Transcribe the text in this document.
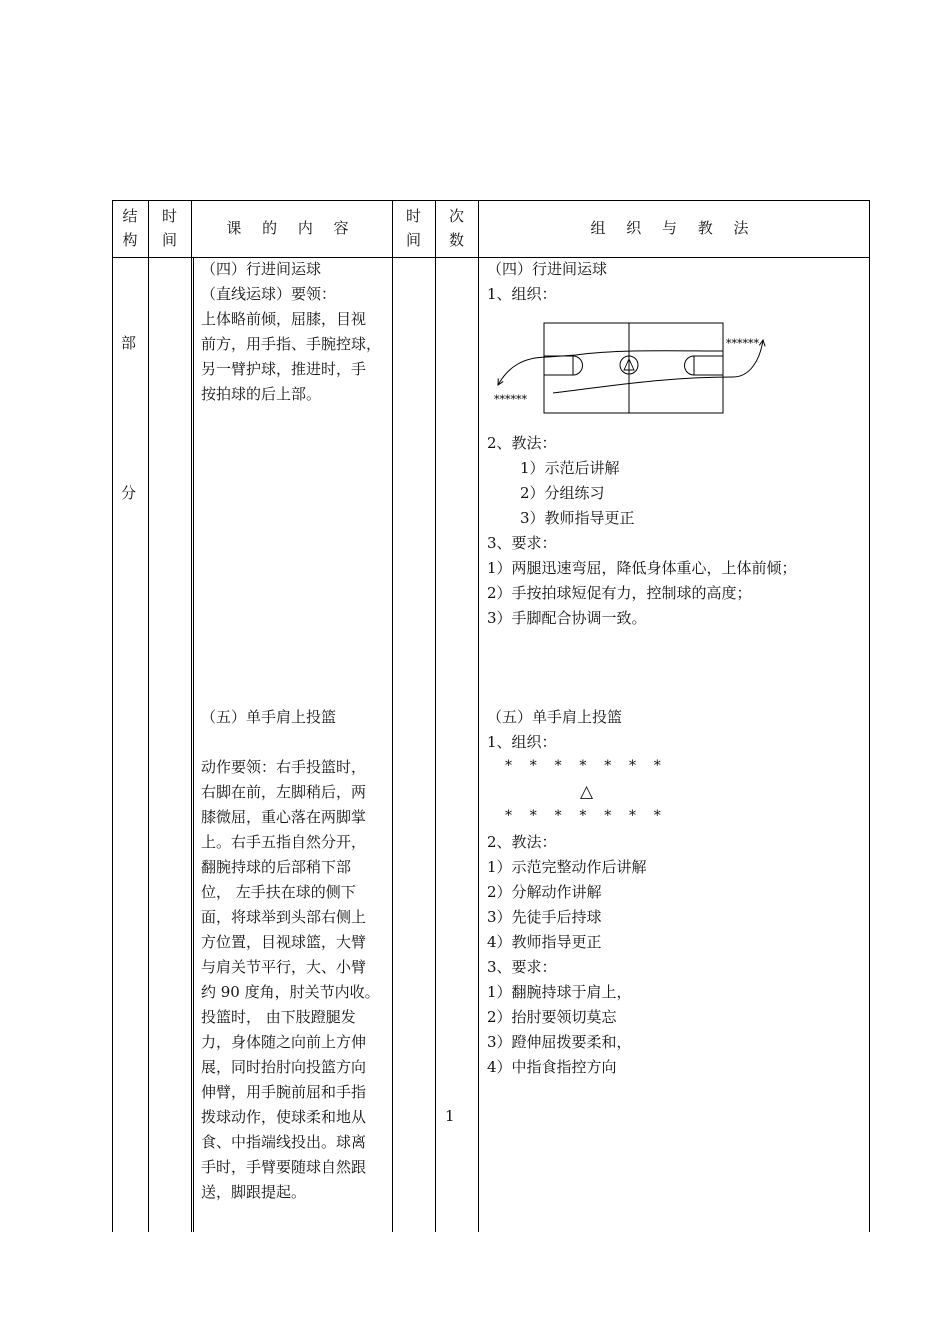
结
构
时
间
课 的 内 容
时
间
次
数
组 织 与 教 法
部
分
（四）行进间运球
（直线运球）要领：
上体略前倾，屈膝，目视
前方，用手指、手腕控球，
另一臂护球，推进时，手
按拍球的后上部。
（五）单手肩上投篮
动作要领：右手投篮时，
右脚在前，左脚稍后，两
膝微屈，重心落在两脚掌
上。右手五指自然分开，
翻腕持球的后部稍下部
位， 左手扶在球的侧下
面，将球举到头部右侧上
方位置，目视球篮，大臂
与肩关节平行，大、小臂
约 90 度角，肘关节内收。
投篮时， 由下肢蹬腿发
力，身体随之向前上方伸
展，同时抬肘向投篮方向
伸臂，用手腕前屈和手指
拨球动作，使球柔和地从
食、中指端线投出。球离
手时，手臂要随球自然跟
送，脚跟提起。
1
（四）行进间运球
1、组织：
******
******
2、教法：
1）示范后讲解
2）分组练习
3）教师指导更正
3、要求：
1）两腿迅速弯屈，降低身体重心，上体前倾；
2）手按拍球短促有力，控制球的高度；
3）手脚配合协调一致。
（五）单手肩上投篮
1、组织：
*    *    *    *    *    *    *
△
*    *    *    *    *    *    *
2、教法：
1）示范完整动作后讲解
2）分解动作讲解
3）先徒手后持球
4）教师指导更正
3、要求：
1）翻腕持球于肩上，
2）抬肘要领切莫忘
3）蹬伸屈拨要柔和，
4）中指食指控方向
